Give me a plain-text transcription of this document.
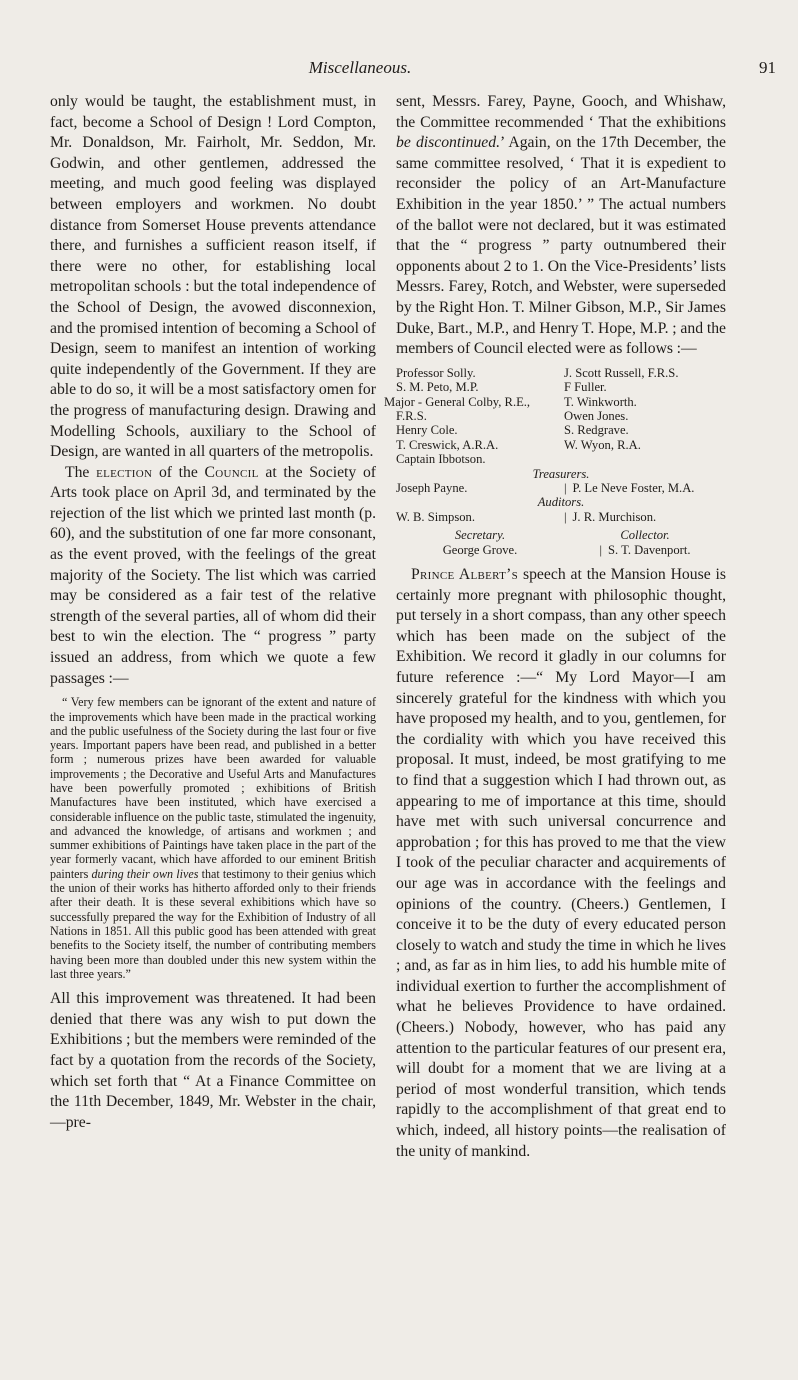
Miscellaneous.	91

only would be taught, the establishment must, in fact, become a School of Design ! Lord Compton, Mr. Donaldson, Mr. Fairholt, Mr. Seddon, Mr. Godwin, and other gentlemen, addressed the meeting, and much good feeling was displayed between employers and workmen. No doubt distance from Somerset House prevents attendance there, and furnishes a sufficient reason itself, if there were no other, for establishing local metropolitan schools : but the total independence of the School of Design, the avowed disconnexion, and the promised intention of becoming a School of Design, seem to manifest an intention of working quite independently of the Government. If they are able to do so, it will be a most satisfactory omen for the progress of manufacturing design. Drawing and Modelling Schools, auxiliary to the School of Design, are wanted in all quarters of the metropolis.

The election of the Council at the Society of Arts took place on April 3d, and terminated by the rejection of the list which we printed last month (p. 60), and the substitution of one far more consonant, as the event proved, with the feelings of the great majority of the Society. The list which was carried may be considered as a fair test of the relative strength of the several parties, all of whom did their best to win the election. The “ progress ” party issued an address, from which we quote a few passages :—

“ Very few members can be ignorant of the extent and nature of the improvements which have been made in the practical working and the public usefulness of the Society during the last four or five years. Important papers have been read, and published in a better form ; numerous prizes have been awarded for valuable improvements ; the Decorative and Useful Arts and Manufactures have been powerfully promoted ; exhibitions of British Manufactures have been instituted, which have exercised a considerable influence on the public taste, stimulated the ingenuity, and advanced the knowledge, of artisans and workmen ; and summer exhibitions of Paintings have taken place in the part of the year formerly vacant, which have afforded to our eminent British painters during their own lives that testimony to their genius which the union of their works has hitherto afforded only to their friends after their death. It is these several exhibitions which have so successfully prepared the way for the Exhibition of Industry of all Nations in 1851. All this public good has been attended with great benefits to the Society itself, the number of contributing members having been more than doubled under this new system within the last three years.”

All this improvement was threatened. It had been denied that there was any wish to put down the Exhibitions ; but the members were reminded of the fact by a quotation from the records of the Society, which set forth that “ At a Finance Committee on the 11th December, 1849, Mr. Webster in the chair,—pre-

sent, Messrs. Farey, Payne, Gooch, and Whishaw, the Committee recommended ‘ That the exhibitions be discontinued.’ Again, on the 17th December, the same committee resolved, ‘ That it is expedient to reconsider the policy of an Art-Manufacture Exhibition in the year 1850.’ ” The actual numbers of the ballot were not declared, but it was estimated that the “ progress ” party outnumbered their opponents about 2 to 1. On the Vice-Presidents’ lists Messrs. Farey, Rotch, and Webster, were superseded by the Right Hon. T. Milner Gibson, M.P., Sir James Duke, Bart., M.P., and Henry T. Hope, M.P. ; and the members of Council elected were as follows :—

Professor Solly.	J. Scott Russell, F.R.S.
S. M. Peto, M.P.	F Fuller.
Major - General Colby, R.E., F.R.S.	T. Winkworth.
	Owen Jones.
Henry Cole.	S. Redgrave.
T. Creswick, A.R.A.	W. Wyon, R.A.
Captain Ibbotson.	
Treasurers.	
Joseph Payne.	| P. Le Neve Foster, M.A.
Auditors.	
W. B. Simpson.	| J. R. Murchison.
Secretary.	Collector.
George Grove.	| S. T. Davenport.

Prince Albert’s speech at the Mansion House is certainly more pregnant with philosophic thought, put tersely in a short compass, than any other speech which has been made on the subject of the Exhibition. We record it gladly in our columns for future reference :—“ My Lord Mayor—I am sincerely grateful for the kindness with which you have proposed my health, and to you, gentlemen, for the cordiality with which you have received this proposal. It must, indeed, be most gratifying to me to find that a suggestion which I had thrown out, as appearing to me of importance at this time, should have met with such universal concurrence and approbation ; for this has proved to me that the view I took of the peculiar character and acquirements of our age was in accordance with the feelings and opinions of the country. (Cheers.) Gentlemen, I conceive it to be the duty of every educated person closely to watch and study the time in which he lives ; and, as far as in him lies, to add his humble mite of individual exertion to further the accomplishment of what he believes Providence to have ordained. (Cheers.) Nobody, however, who has paid any attention to the particular features of our present era, will doubt for a moment that we are living at a period of most wonderful transition, which tends rapidly to the accomplishment of that great end to which, indeed, all history points—the realisation of the unity of mankind.
